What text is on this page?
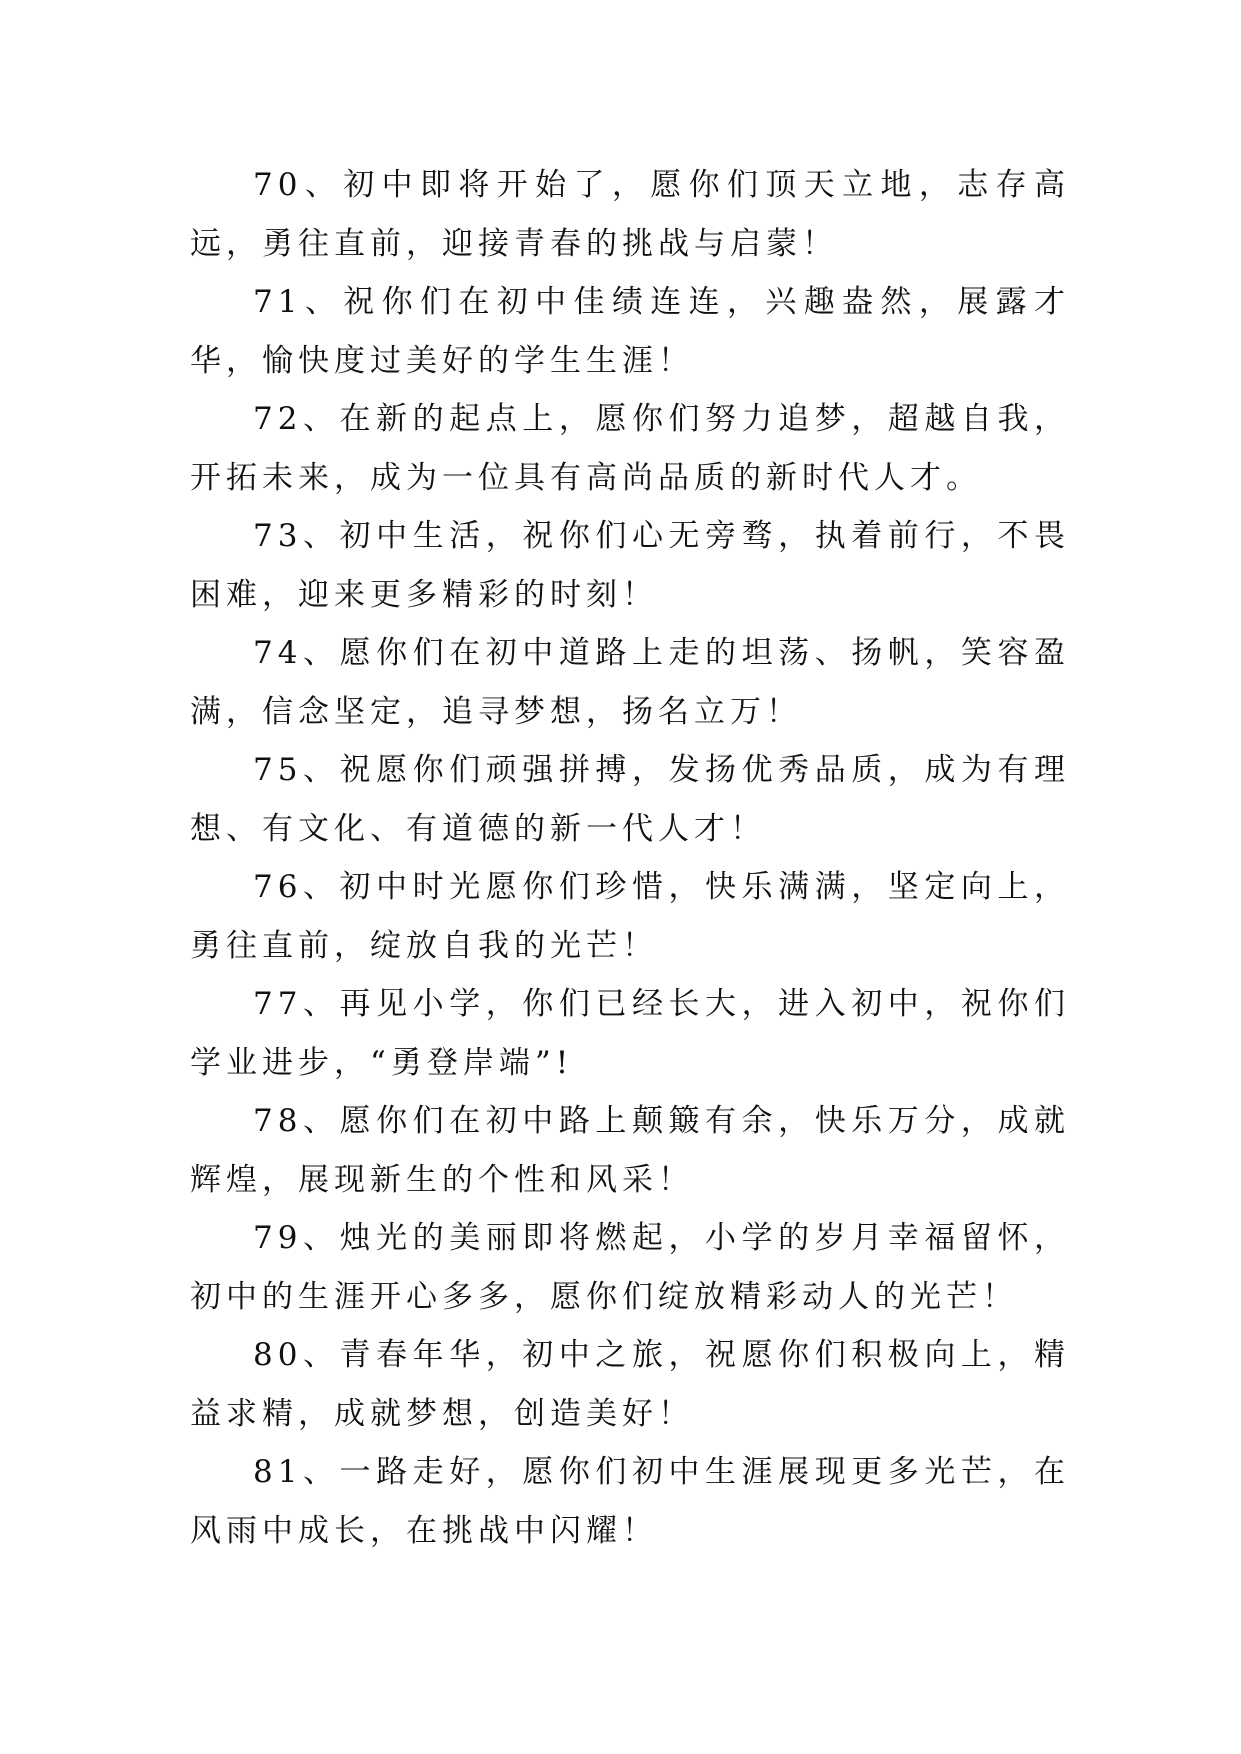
70、初中即将开始了，愿你们顶天立地，志存高远，勇往直前，迎接青春的挑战与启蒙！

71、祝你们在初中佳绩连连，兴趣盎然，展露才华，愉快度过美好的学生生涯！

72、在新的起点上，愿你们努力追梦，超越自我，开拓未来，成为一位具有高尚品质的新时代人才。

73、初中生活，祝你们心无旁骛，执着前行，不畏困难，迎来更多精彩的时刻！

74、愿你们在初中道路上走的坦荡、扬帆，笑容盈满，信念坚定，追寻梦想，扬名立万！

75、祝愿你们顽强拼搏，发扬优秀品质，成为有理想、有文化、有道德的新一代人才！

76、初中时光愿你们珍惜，快乐满满，坚定向上，勇往直前，绽放自我的光芒！

77、再见小学，你们已经长大，进入初中，祝你们学业进步，“勇登岸端”!

78、愿你们在初中路上颠簸有余，快乐万分，成就辉煌，展现新生的个性和风采！

79、烛光的美丽即将燃起，小学的岁月幸福留怀，初中的生涯开心多多，愿你们绽放精彩动人的光芒！

80、青春年华，初中之旅，祝愿你们积极向上，精益求精，成就梦想，创造美好！

81、一路走好，愿你们初中生涯展现更多光芒，在风雨中成长，在挑战中闪耀！
